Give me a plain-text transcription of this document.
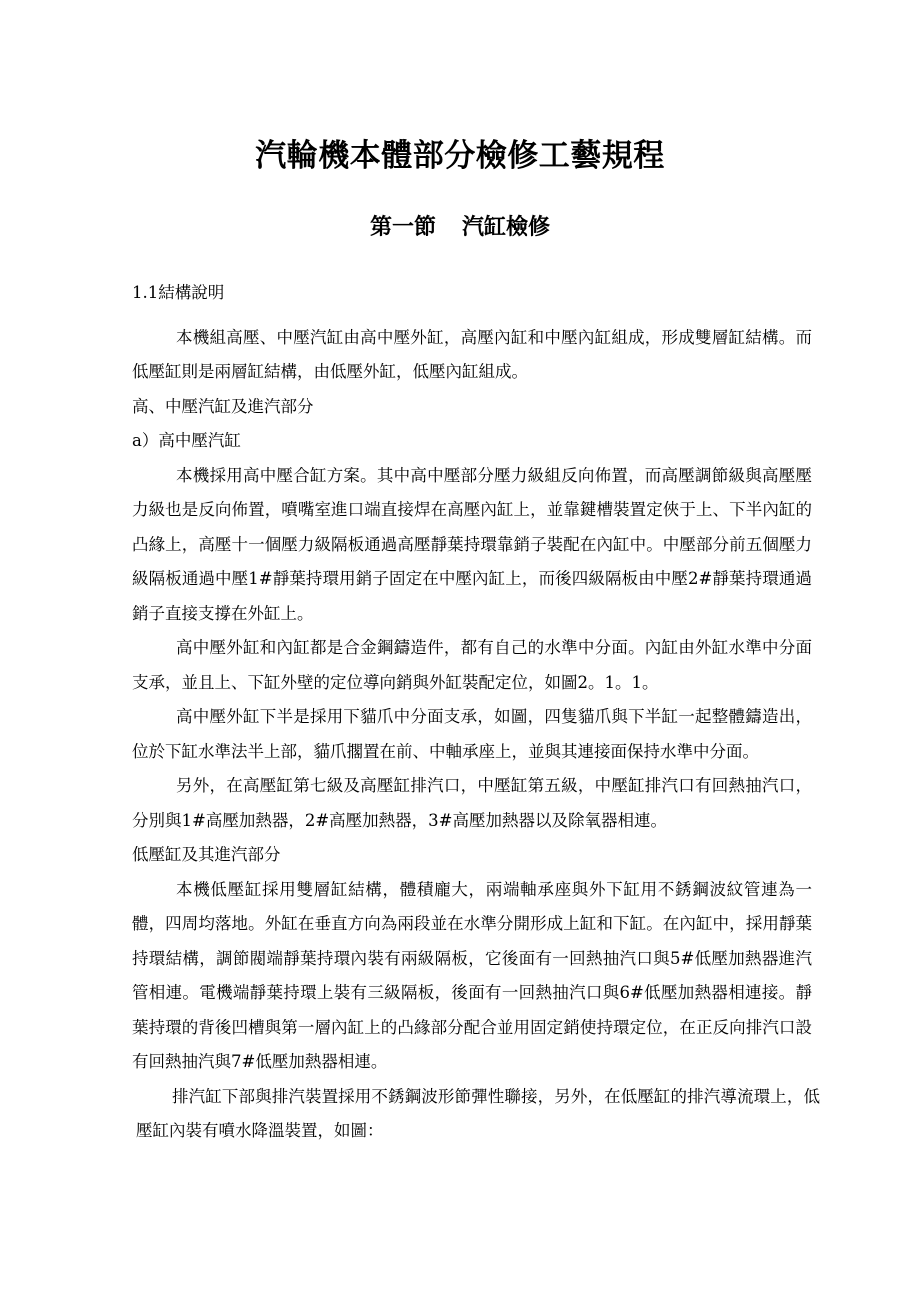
汽輪機本體部分檢修工藝規程
第一節 汽缸檢修

1.1結構說明

本機組高壓、中壓汽缸由高中壓外缸，高壓內缸和中壓內缸組成，形成雙層缸結構。而低壓缸則是兩層缸結構，由低壓外缸，低壓內缸組成。

高、中壓汽缸及進汽部分

a）高中壓汽缸

本機採用高中壓合缸方案。其中高中壓部分壓力級組反向佈置，而高壓調節級與高壓壓力級也是反向佈置，噴嘴室進口端直接焊在高壓內缸上，並靠鍵槽裝置定俠于上、下半內缸的凸緣上，高壓十一個壓力級隔板通過高壓靜葉持環靠銷子裝配在內缸中。中壓部分前五個壓力級隔板通過中壓1#靜葉持環用銷子固定在中壓內缸上，而後四級隔板由中壓2#靜葉持環通過銷子直接支撐在外缸上。

高中壓外缸和內缸都是合金鋼鑄造件，都有自己的水準中分面。內缸由外缸水準中分面支承，並且上、下缸外壁的定位導向銷與外缸裝配定位，如圖2。1。1。

高中壓外缸下半是採用下貓爪中分面支承，如圖，四隻貓爪與下半缸一起整體鑄造出，位於下缸水準法半上部，貓爪擱置在前、中軸承座上，並與其連接面保持水準中分面。

另外，在高壓缸第七級及高壓缸排汽口，中壓缸第五級，中壓缸排汽口有回熱抽汽口，分別與1#高壓加熱器，2#高壓加熱器，3#高壓加熱器以及除氧器相連。

低壓缸及其進汽部分

本機低壓缸採用雙層缸結構，體積龐大，兩端軸承座與外下缸用不銹鋼波紋管連為一體，四周均落地。外缸在垂直方向為兩段並在水準分開形成上缸和下缸。在內缸中，採用靜葉持環結構，調節閥端靜葉持環內裝有兩級隔板，它後面有一回熱抽汽口與5#低壓加熱器進汽管相連。電機端靜葉持環上裝有三級隔板，後面有一回熱抽汽口與6#低壓加熱器相連接。靜葉持環的背後凹槽與第一層內缸上的凸緣部分配合並用固定銷使持環定位，在正反向排汽口設有回熱抽汽與7#低壓加熱器相連。

排汽缸下部與排汽裝置採用不銹鋼波形節彈性聯接，另外，在低壓缸的排汽導流環上，低壓缸內裝有噴水降溫裝置，如圖：
